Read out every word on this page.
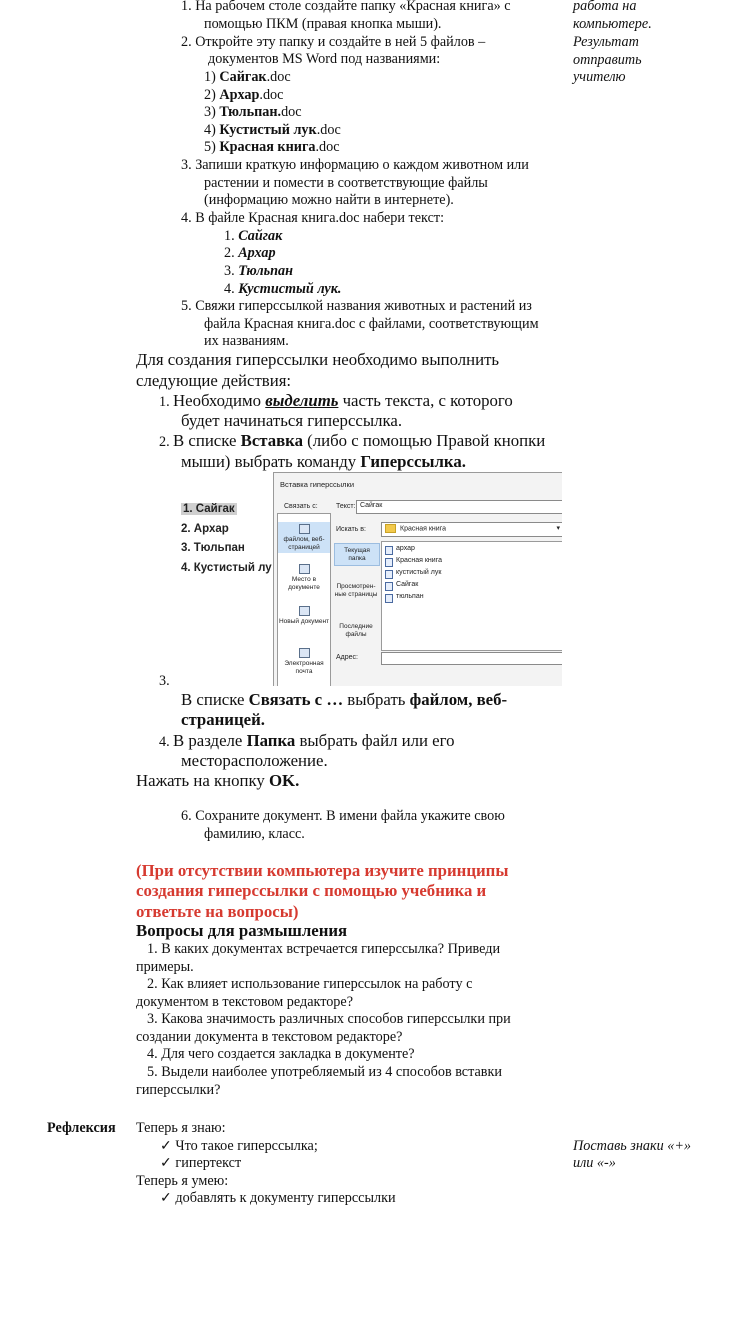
работа на
компьютере.
Результат
отправить
учителю
1. На рабочем столе создайте папку «Красная книга» с
помощью ПКМ (правая кнопка мыши).
2. Откройте эту папку и создайте в ней 5 файлов –
документов MS Word под названиями:
1) Сайгак.doc
2) Архар.doc
3) Тюльпан.doc
4) Кустистый лук.doc
5) Красная книга.doc
3. Запиши краткую информацию о каждом животном или
растении и помести в соответствующие файлы
(информацию можно найти в интернете).
4. В файле Красная книга.doc набери текст:
1. Сайгак
2. Архар
3. Тюльпан
4. Кустистый лук.
5. Свяжи гиперссылкой названия животных и растений из
файла Красная книга.doc с файлами, соответствующим
их названиям.
Для создания гиперссылки необходимо выполнить
следующие действия:
1. Необходимо выделить часть текста, с которого
будет начинаться гиперссылка.
2. В списке Вставка (либо с помощью Правой кнопки
мыши) выбрать команду Гиперссылка.
1. Сайгак
2. Архар
3. Тюльпан
4. Кустистый лу
Вставка гиперссылки
Связать с:	Текст: Сайгак
файлом, веб-страницей
Место в документе
Новый документ
Электронная почта
Искать в:	Красная книга	▾
Текущая папка
Просмотрен-ные страницы
Последние файлы
архар
Красная книга
кустистый лук
Сайгак
тюльпан
Адрес:
3.
В списке Связать с … выбрать файлом, веб-
страницей.
4. В разделе Папка выбрать файл или его
месторасположение.
Нажать на кнопку OK.
6. Сохраните документ. В имени файла укажите свою
фамилию, класс.
(При отсутствии компьютера изучите принципы
создания гиперссылки с помощью учебника и
ответьте на вопросы)
Вопросы для размышления
1. В каких документах встречается гиперссылка? Приведи
примеры.
2. Как влияет использование гиперссылок на работу с
документом в текстовом редакторе?
3. Какова значимость различных способов гиперссылки при
создании документа в текстовом редакторе?
4. Для чего создается закладка в документе?
5. Выдели наиболее употребляемый из 4 способов вставки
гиперссылки?
Рефлексия Теперь я знаю:
✓ Что такое гиперссылка;
✓ гипертекст
Теперь я умею:
✓ добавлять к документу гиперссылки
Поставь знаки «+»
или «-»
